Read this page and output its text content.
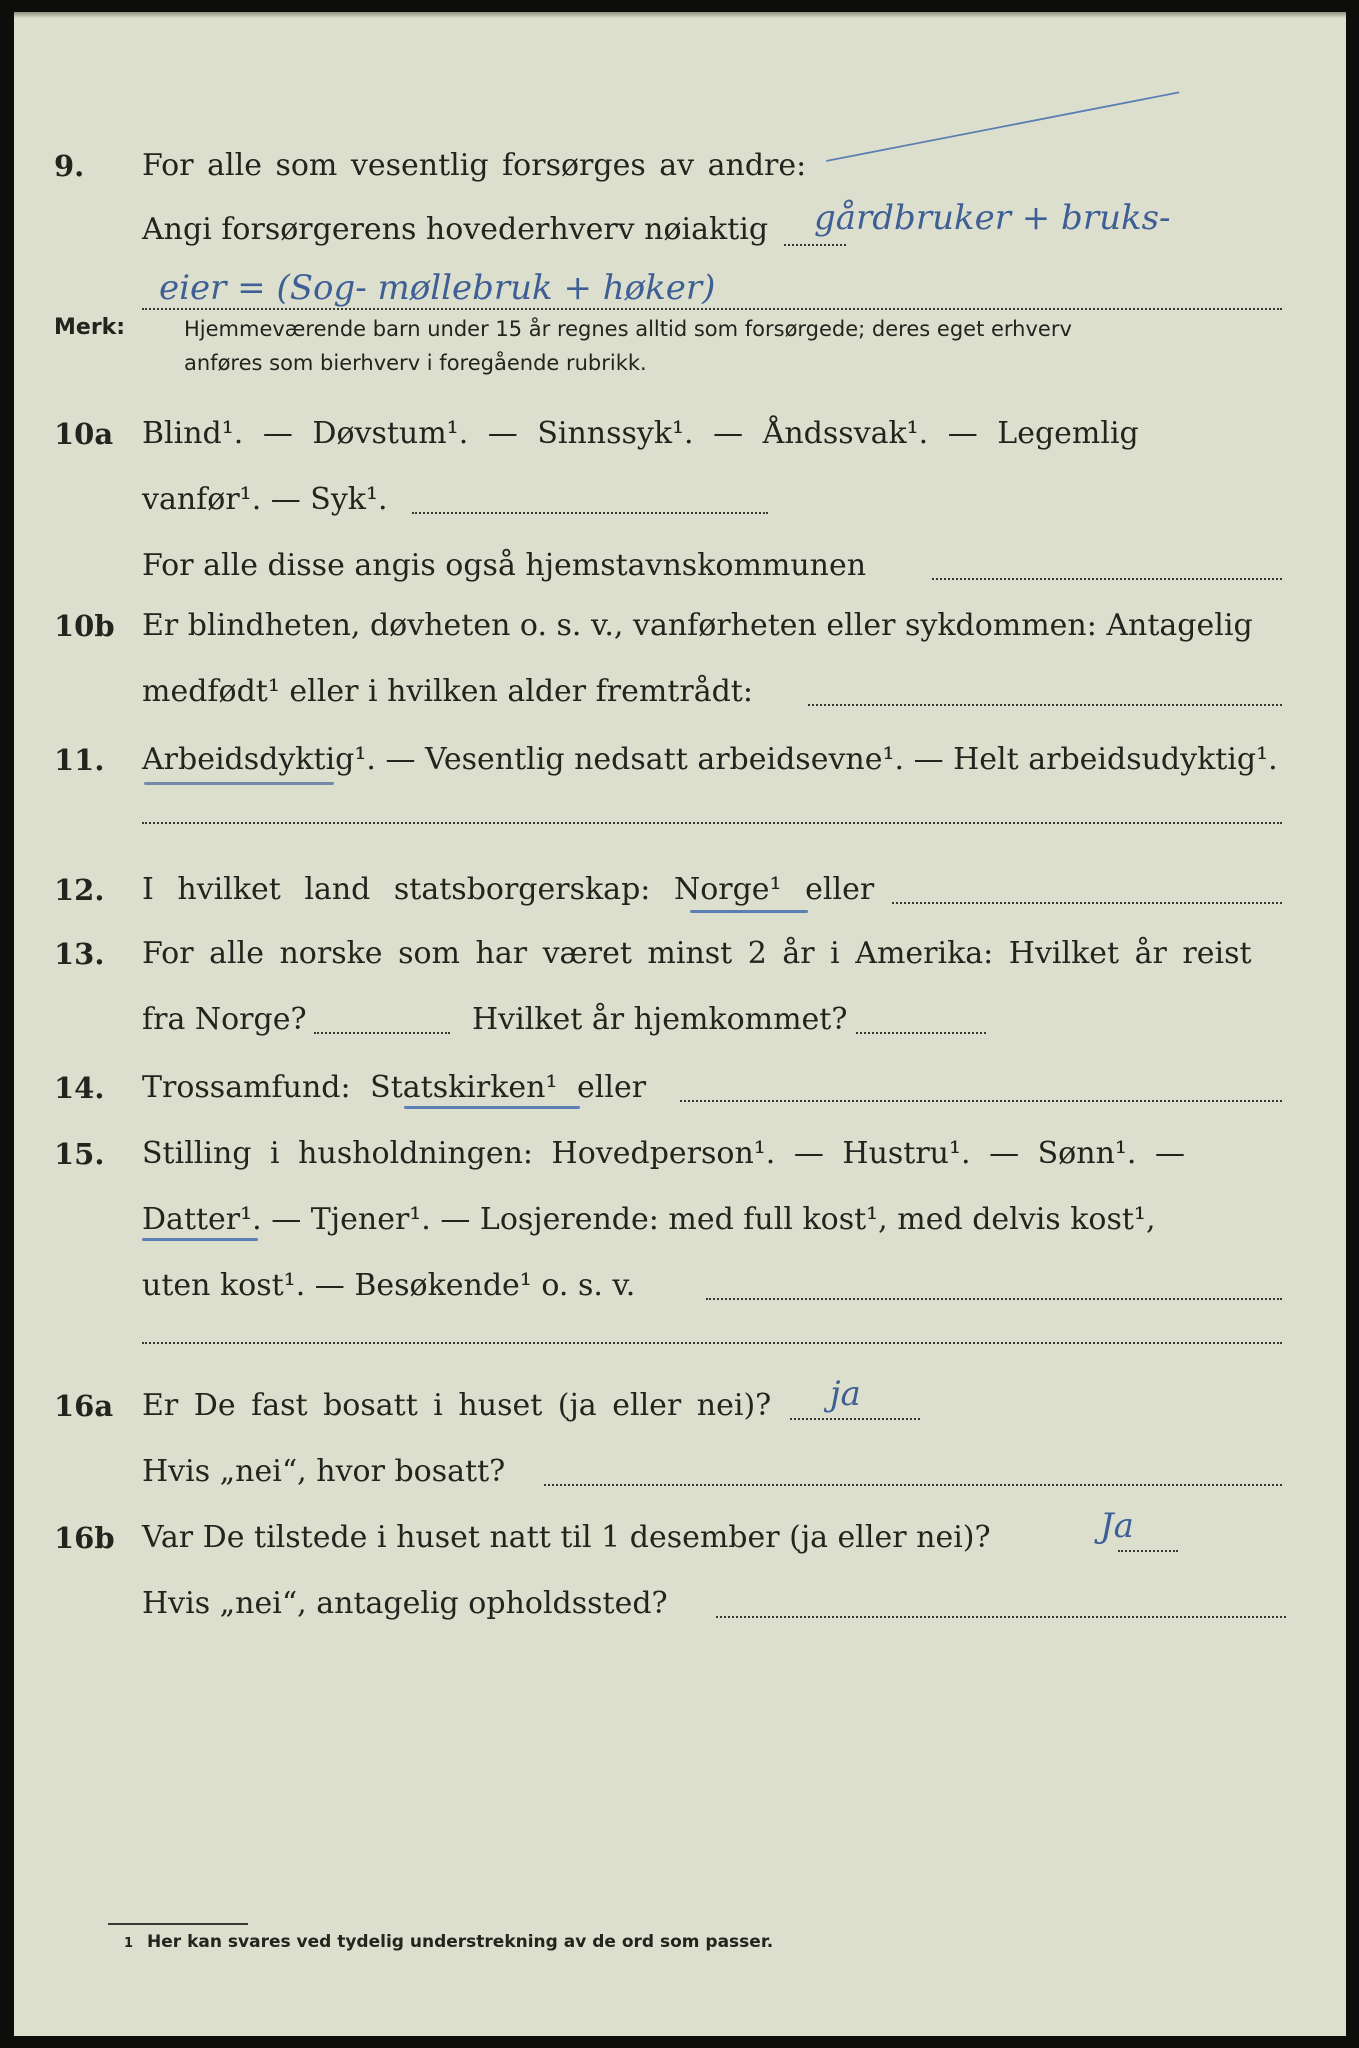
9. For alle som vesentlig forsørges av andre:
Angi forsørgerens hovederhverv nøiaktig gårdbruker + bruks-
eier = (Sog- møllebruk + høker)
Merk:	Hjemmeværende barn under 15 år regnes alltid som forsørgede; deres eget erhverv
anføres som bierhverv i foregående rubrikk.
10a Blind¹. — Døvstum¹. — Sinnssyk¹. — Åndssvak¹. — Legemlig
vanfør¹. — Syk¹.
For alle disse angis også hjemstavnskommunen
10b Er blindheten, døvheten o. s. v., vanførheten eller sykdommen: Antagelig
medfødt¹ eller i hvilken alder fremtrådt:
11. Arbeidsdyktig¹. — Vesentlig nedsatt arbeidsevne¹. — Helt arbeidsudyktig¹.
12. I hvilket land statsborgerskap: Norge¹ eller
13. For alle norske som har været minst 2 år i Amerika: Hvilket år reist
fra Norge?	Hvilket år hjemkommet?
14. Trossamfund: Statskirken¹ eller
15. Stilling i husholdningen: Hovedperson¹. — Hustru¹. — Sønn¹. —
Datter¹. — Tjener¹. — Losjerende: med full kost¹, med delvis kost¹,
uten kost¹. — Besøkende¹ o. s. v.
16a Er De fast bosatt i huset (ja eller nei)? ja
Hvis „nei“, hvor bosatt?
16b Var De tilstede i huset natt til 1 desember (ja eller nei)?	Ja
Hvis „nei“, antagelig opholdssted?
1 Her kan svares ved tydelig understrekning av de ord som passer.
